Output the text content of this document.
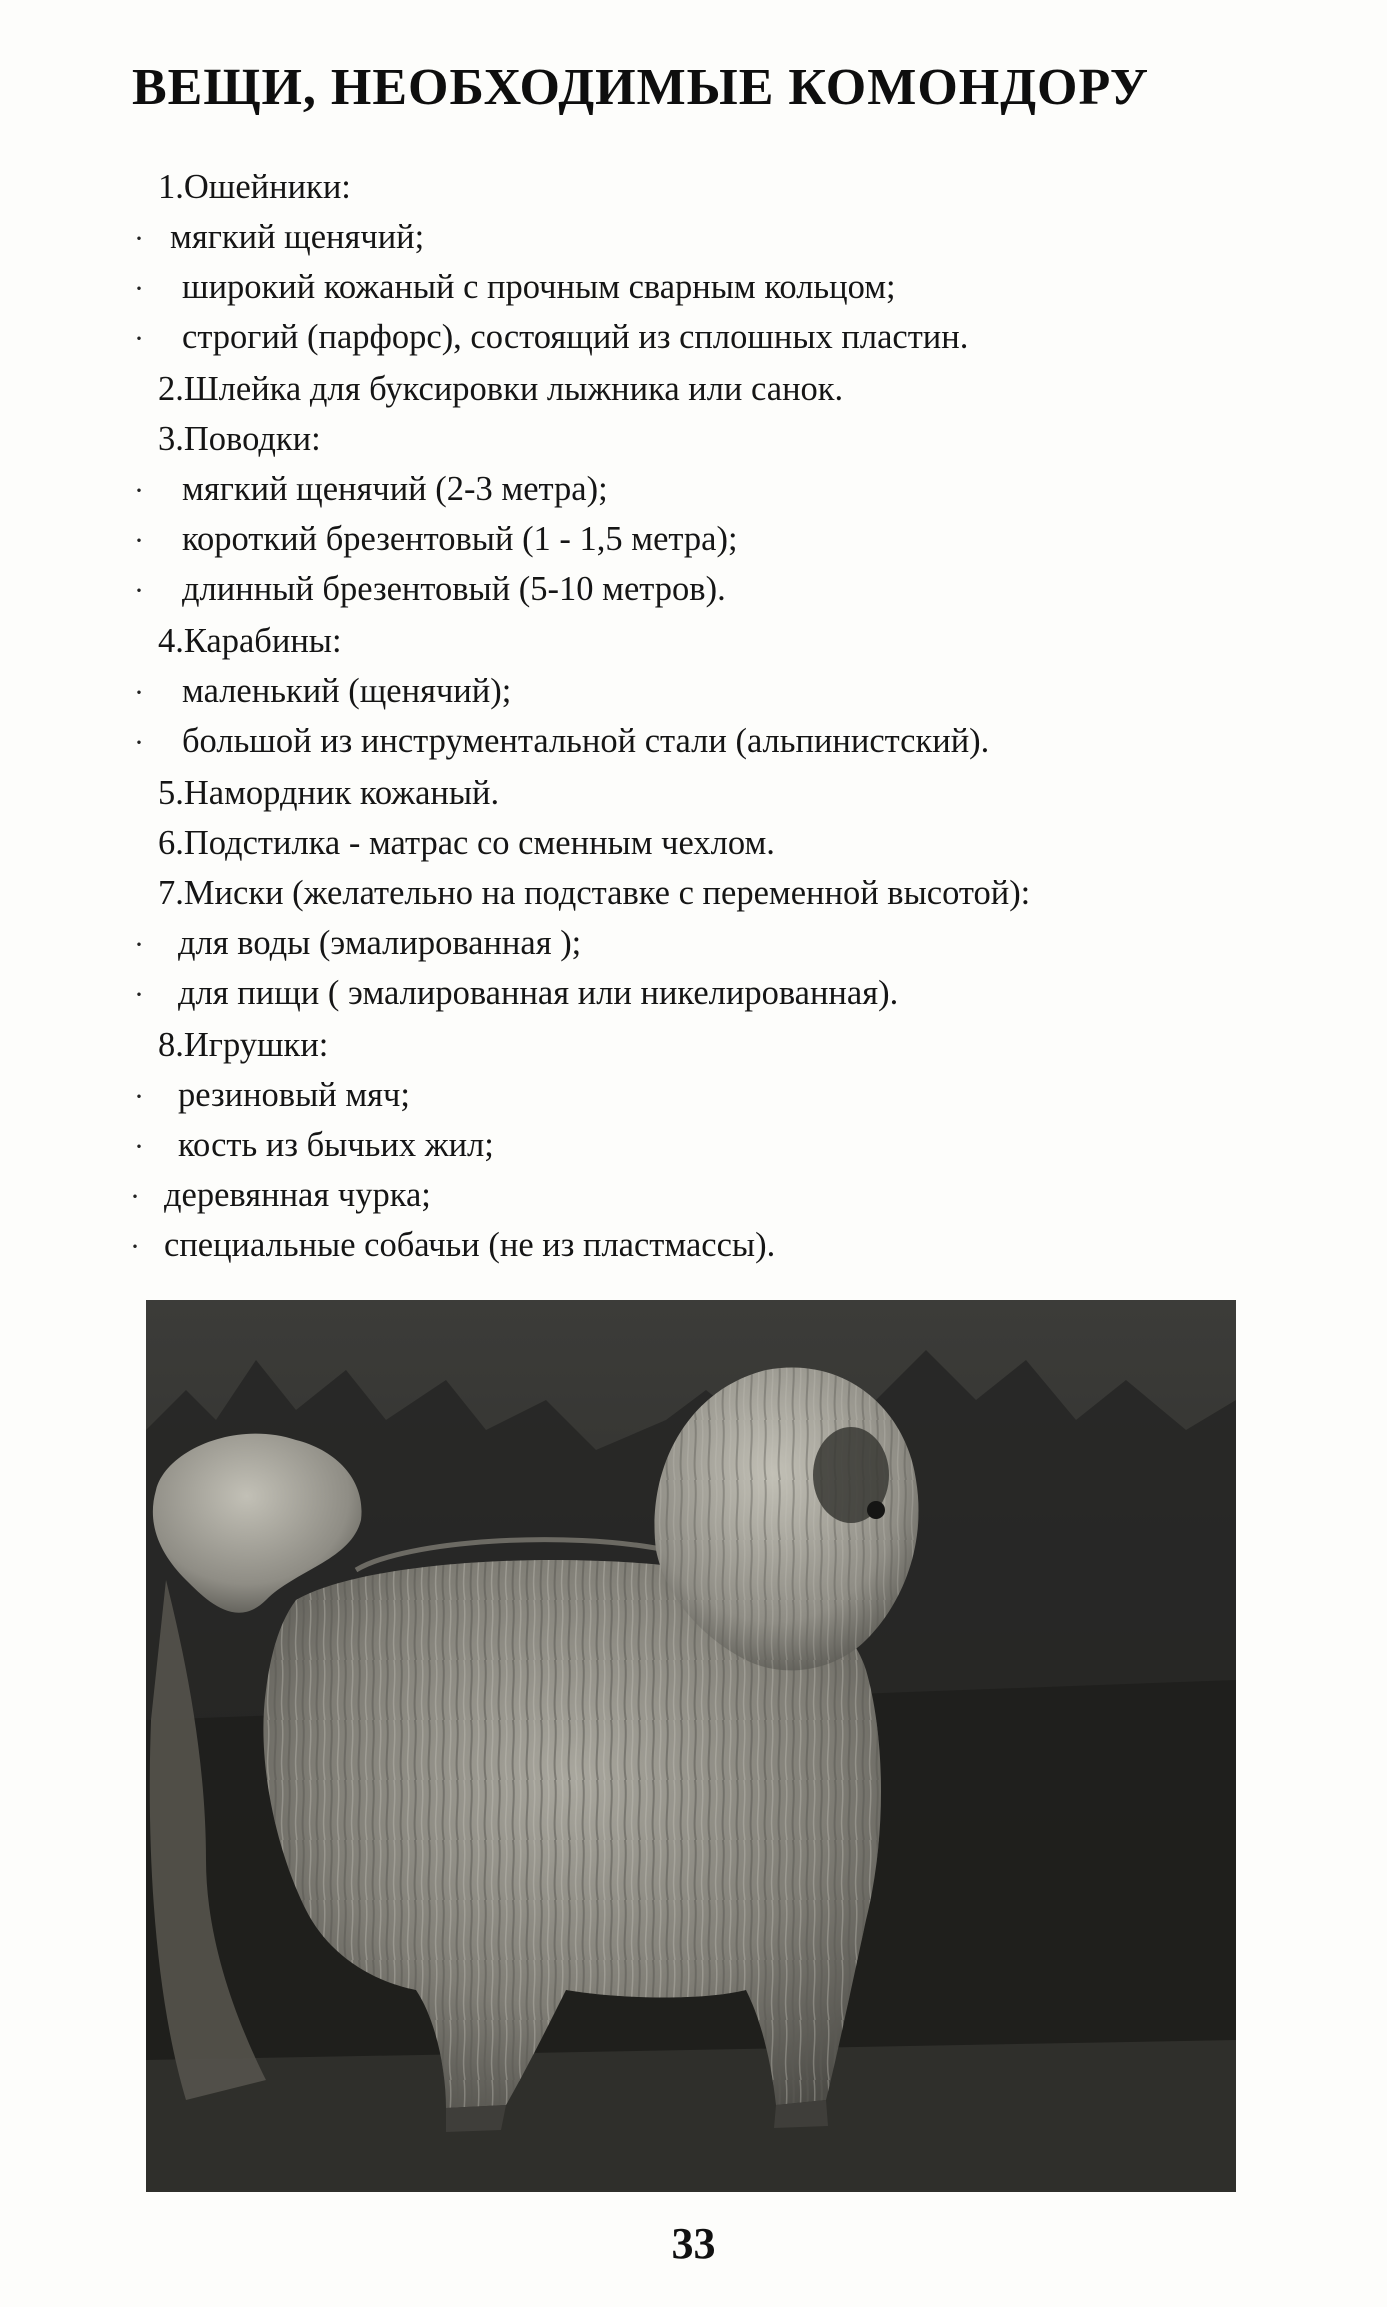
ВЕЩИ, НЕОБХОДИМЫЕ КОМОНДОРУ
1.Ошейники:
· мягкий щенячий;
· широкий кожаный с прочным сварным кольцом;
· строгий (парфорс), состоящий из сплошных пластин.
2.Шлейка для буксировки лыжника или санок.
3.Поводки:
· мягкий щенячий (2-3 метра);
· короткий брезентовый (1 - 1,5 метра);
· длинный брезентовый (5-10 метров).
4.Карабины:
· маленький (щенячий);
· большой из инструментальной стали (альпинистский).
5.Намордник кожаный.
6.Подстилка - матрас со сменным чехлом.
7.Миски (желательно на подставке с переменной высотой):
· для воды (эмалированная );
· для пищи ( эмалированная или никелированная).
8.Игрушки:
· резиновый мяч;
· кость из бычьих жил;
· деревянная чурка;
· специальные собачьи (не из пластмассы).
33
